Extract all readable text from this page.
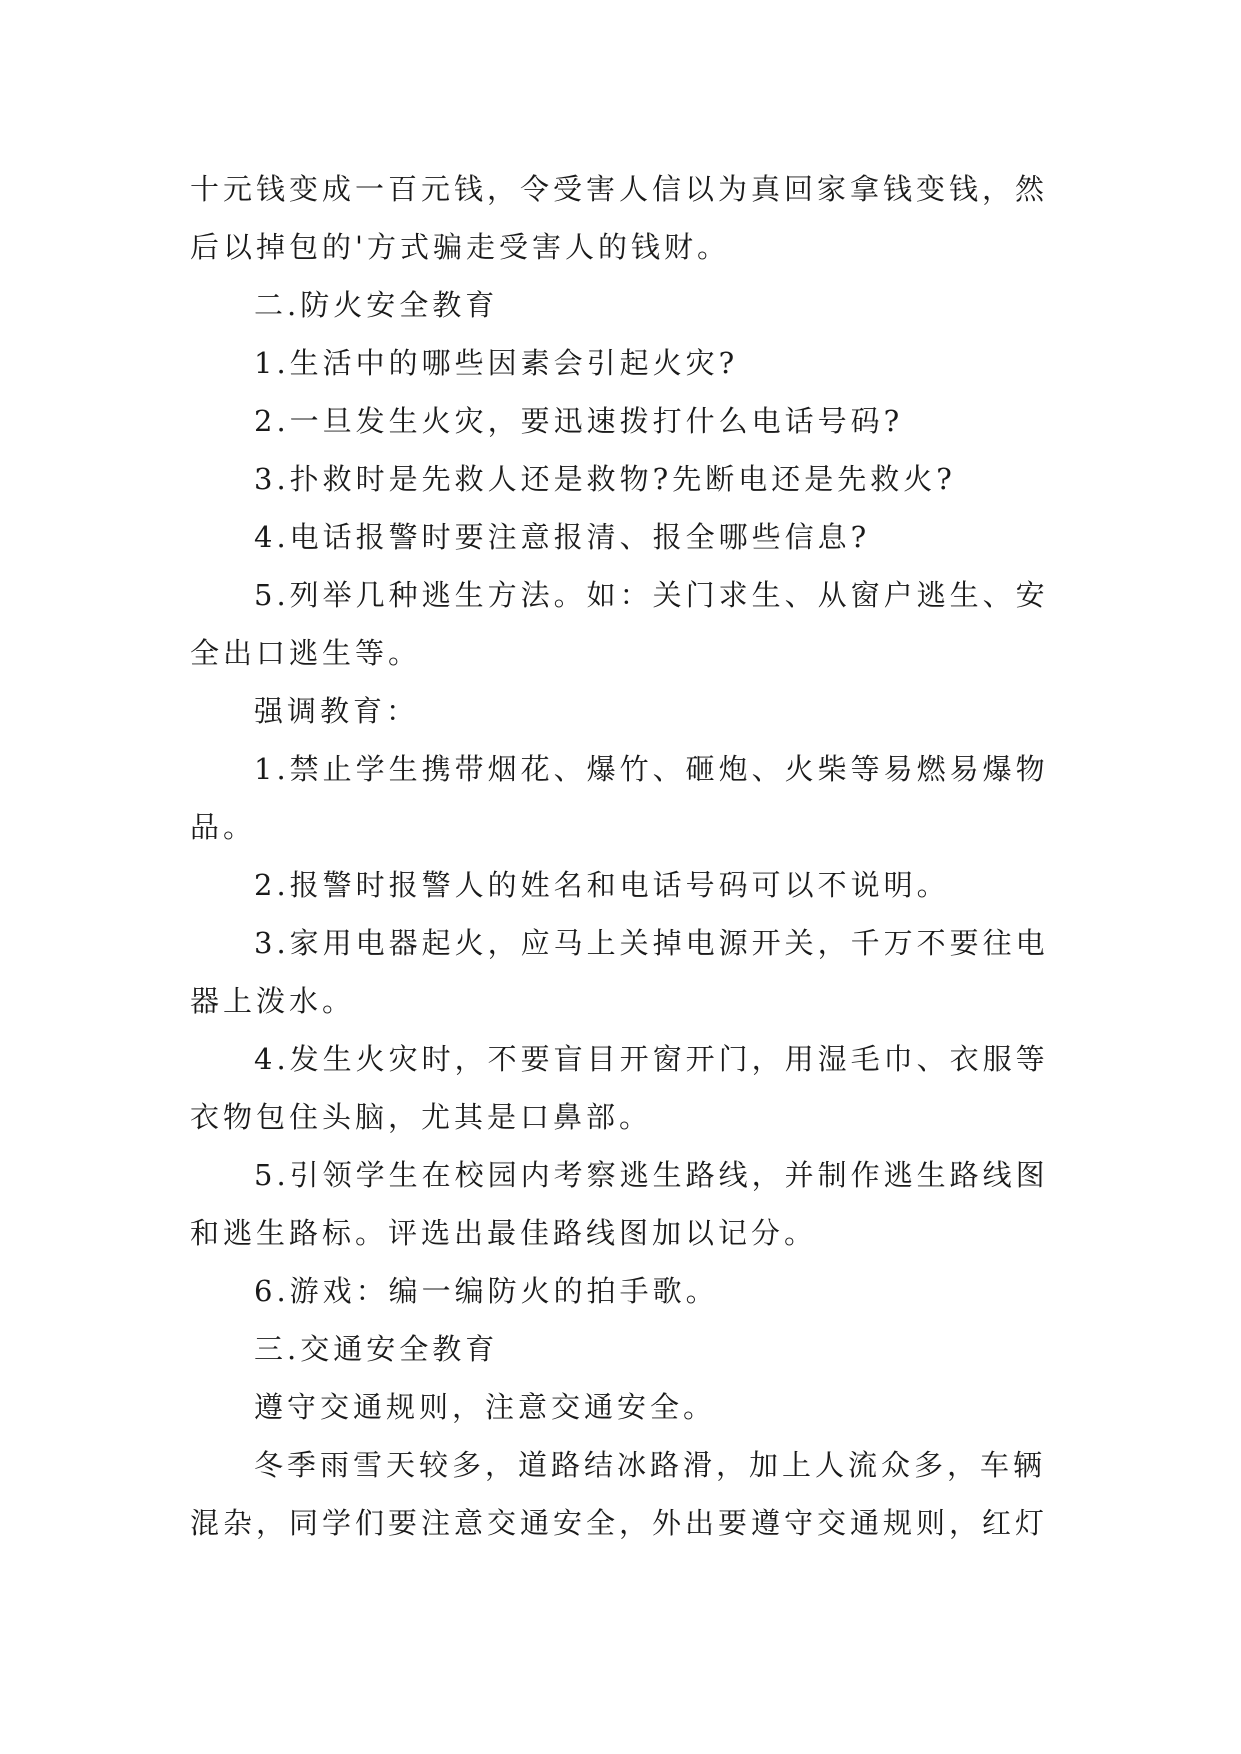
十元钱变成一百元钱，令受害人信以为真回家拿钱变钱，然
后以掉包的'方式骗走受害人的钱财。
二.防火安全教育
1.生活中的哪些因素会引起火灾?
2.一旦发生火灾，要迅速拨打什么电话号码?
3.扑救时是先救人还是救物?先断电还是先救火?
4.电话报警时要注意报清、报全哪些信息?
5.列举几种逃生方法。如：关门求生、从窗户逃生、安
全出口逃生等。
强调教育：
1.禁止学生携带烟花、爆竹、砸炮、火柴等易燃易爆物
品。
2.报警时报警人的姓名和电话号码可以不说明。
3.家用电器起火，应马上关掉电源开关，千万不要往电
器上泼水。
4.发生火灾时，不要盲目开窗开门，用湿毛巾、衣服等
衣物包住头脑，尤其是口鼻部。
5.引领学生在校园内考察逃生路线，并制作逃生路线图
和逃生路标。评选出最佳路线图加以记分。
6.游戏：编一编防火的拍手歌。
三.交通安全教育
遵守交通规则，注意交通安全。
冬季雨雪天较多，道路结冰路滑，加上人流众多，车辆
混杂，同学们要注意交通安全，外出要遵守交通规则，红灯
